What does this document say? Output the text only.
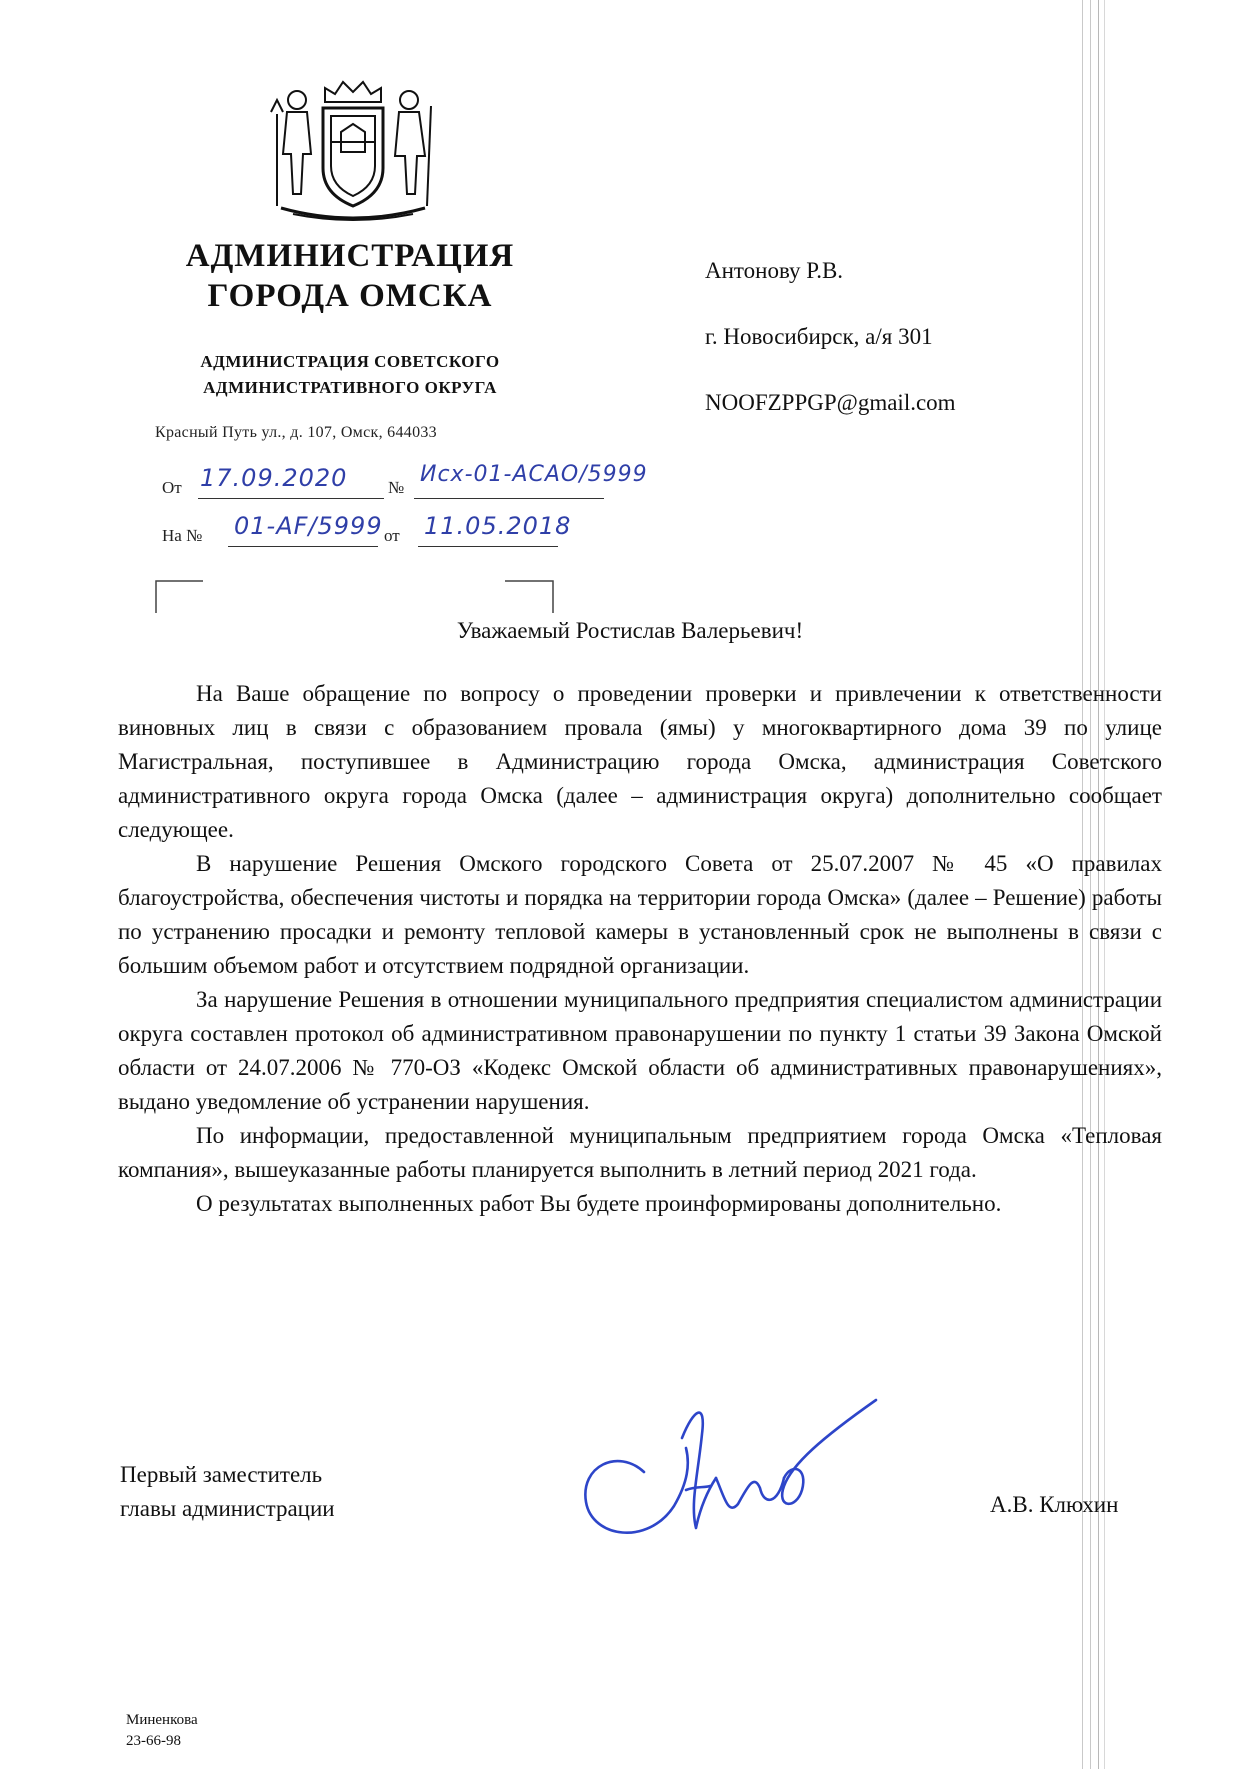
АДМИНИСТРАЦИЯ
ГОРОДА ОМСКА
АДМИНИСТРАЦИЯ СОВЕТСКОГО
АДМИНИСТРАТИВНОГО ОКРУГА
Красный Путь ул., д. 107, Омск, 644033
От 17.09.2020 №
Исх-01-ACAO/5999
На № 01-AF/5999 от 11.05.2018
Антонову Р.В.
г. Новосибирск, а/я 301
NOOFZPPGP@gmail.com
Уважаемый Ростислав Валерьевич!

На Ваше обращение по вопросу о проведении проверки и привлечении к ответственности виновных лиц в связи с образованием провала (ямы) у многоквартирного дома 39 по улице Магистральная, поступившее в Администрацию города Омска, администрация Советского административного округа города Омска (далее – администрация округа) дополнительно сообщает следующее.

В нарушение Решения Омского городского Совета от 25.07.2007 № 45 «О правилах благоустройства, обеспечения чистоты и порядка на территории города Омска» (далее – Решение) работы по устранению просадки и ремонту тепловой камеры в установленный срок не выполнены в связи с большим объемом работ и отсутствием подрядной организации.

За нарушение Решения в отношении муниципального предприятия специалистом администрации округа составлен протокол об административном правонарушении по пункту 1 статьи 39 Закона Омской области от 24.07.2006 № 770-ОЗ «Кодекс Омской области об административных правонарушениях», выдано уведомление об устранении нарушения.

По информации, предоставленной муниципальным предприятием города Омска «Тепловая компания», вышеуказанные работы планируется выполнить в летний период 2021 года.

О результатах выполненных работ Вы будете проинформированы дополнительно.

Первый заместитель
главы администрации	А.В. Клюхин
Миненкова
23-66-98
